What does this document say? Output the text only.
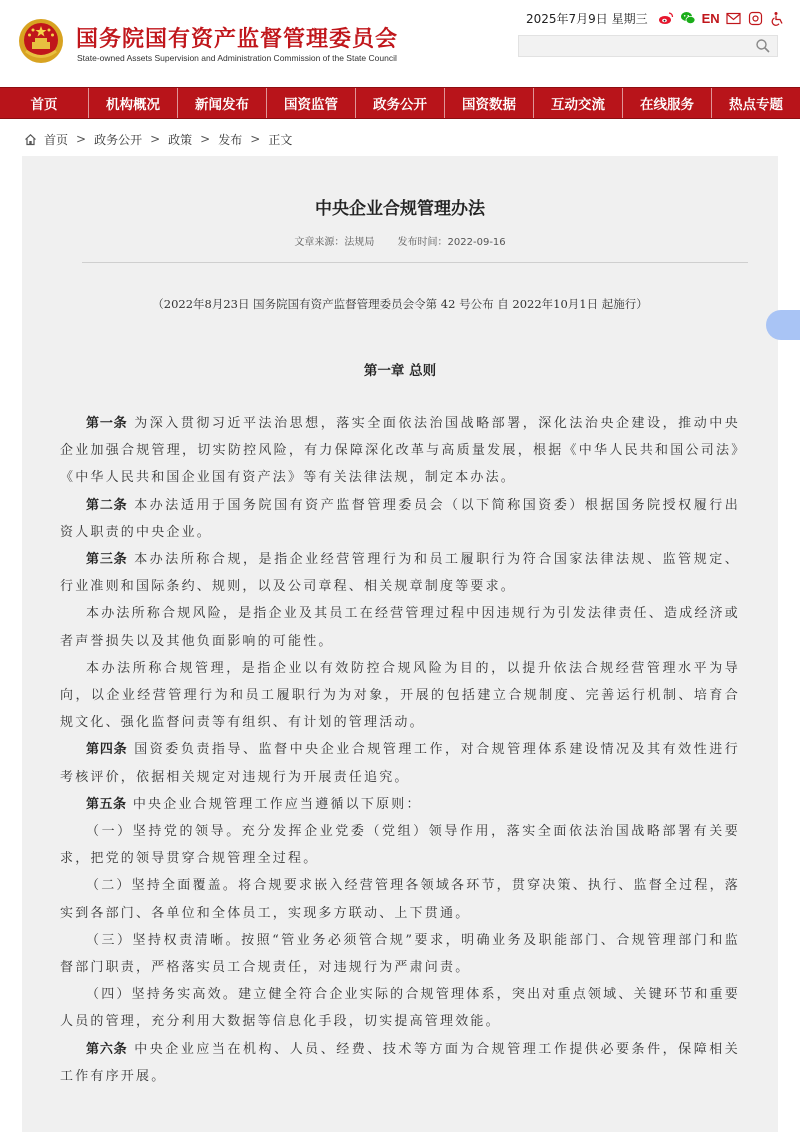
国务院国有资产监督管理委员会
State-owned Assets Supervision and Administration Commission of the State Council
2025年7月9日 星期三	EN
首页	机构概况	新闻发布	国资监管	政务公开	国资数据	互动交流	在线服务	热点专题
首页 > 政务公开 > 政策 > 发布 > 正文
中央企业合规管理办法
文章来源：法规局 发布时间：2022-09-16
（2022年8月23日 国务院国有资产监督管理委员会令第 42 号公布 自 2022年10月1日 起施行）
第一章 总则

第一条 为深入贯彻习近平法治思想，落实全面依法治国战略部署，深化法治央企建设，推动中央企业加强合规管理，切实防控风险，有力保障深化改革与高质量发展，根据《中华人民共和国公司法》《中华人民共和国企业国有资产法》等有关法律法规，制定本办法。

第二条 本办法适用于国务院国有资产监督管理委员会（以下简称国资委）根据国务院授权履行出资人职责的中央企业。

第三条 本办法所称合规，是指企业经营管理行为和员工履职行为符合国家法律法规、监管规定、行业准则和国际条约、规则，以及公司章程、相关规章制度等要求。

本办法所称合规风险，是指企业及其员工在经营管理过程中因违规行为引发法律责任、造成经济或者声誉损失以及其他负面影响的可能性。

本办法所称合规管理，是指企业以有效防控合规风险为目的，以提升依法合规经营管理水平为导向，以企业经营管理行为和员工履职行为为对象，开展的包括建立合规制度、完善运行机制、培育合规文化、强化监督问责等有组织、有计划的管理活动。

第四条 国资委负责指导、监督中央企业合规管理工作，对合规管理体系建设情况及其有效性进行考核评价，依据相关规定对违规行为开展责任追究。

第五条 中央企业合规管理工作应当遵循以下原则：

（一）坚持党的领导。充分发挥企业党委（党组）领导作用，落实全面依法治国战略部署有关要求，把党的领导贯穿合规管理全过程。

（二）坚持全面覆盖。将合规要求嵌入经营管理各领域各环节，贯穿决策、执行、监督全过程，落实到各部门、各单位和全体员工，实现多方联动、上下贯通。

（三）坚持权责清晰。按照“管业务必须管合规”要求，明确业务及职能部门、合规管理部门和监督部门职责，严格落实员工合规责任，对违规行为严肃问责。

（四）坚持务实高效。建立健全符合企业实际的合规管理体系，突出对重点领域、关键环节和重要人员的管理，充分利用大数据等信息化手段，切实提高管理效能。

第六条 中央企业应当在机构、人员、经费、技术等方面为合规管理工作提供必要条件，保障相关工作有序开展。
